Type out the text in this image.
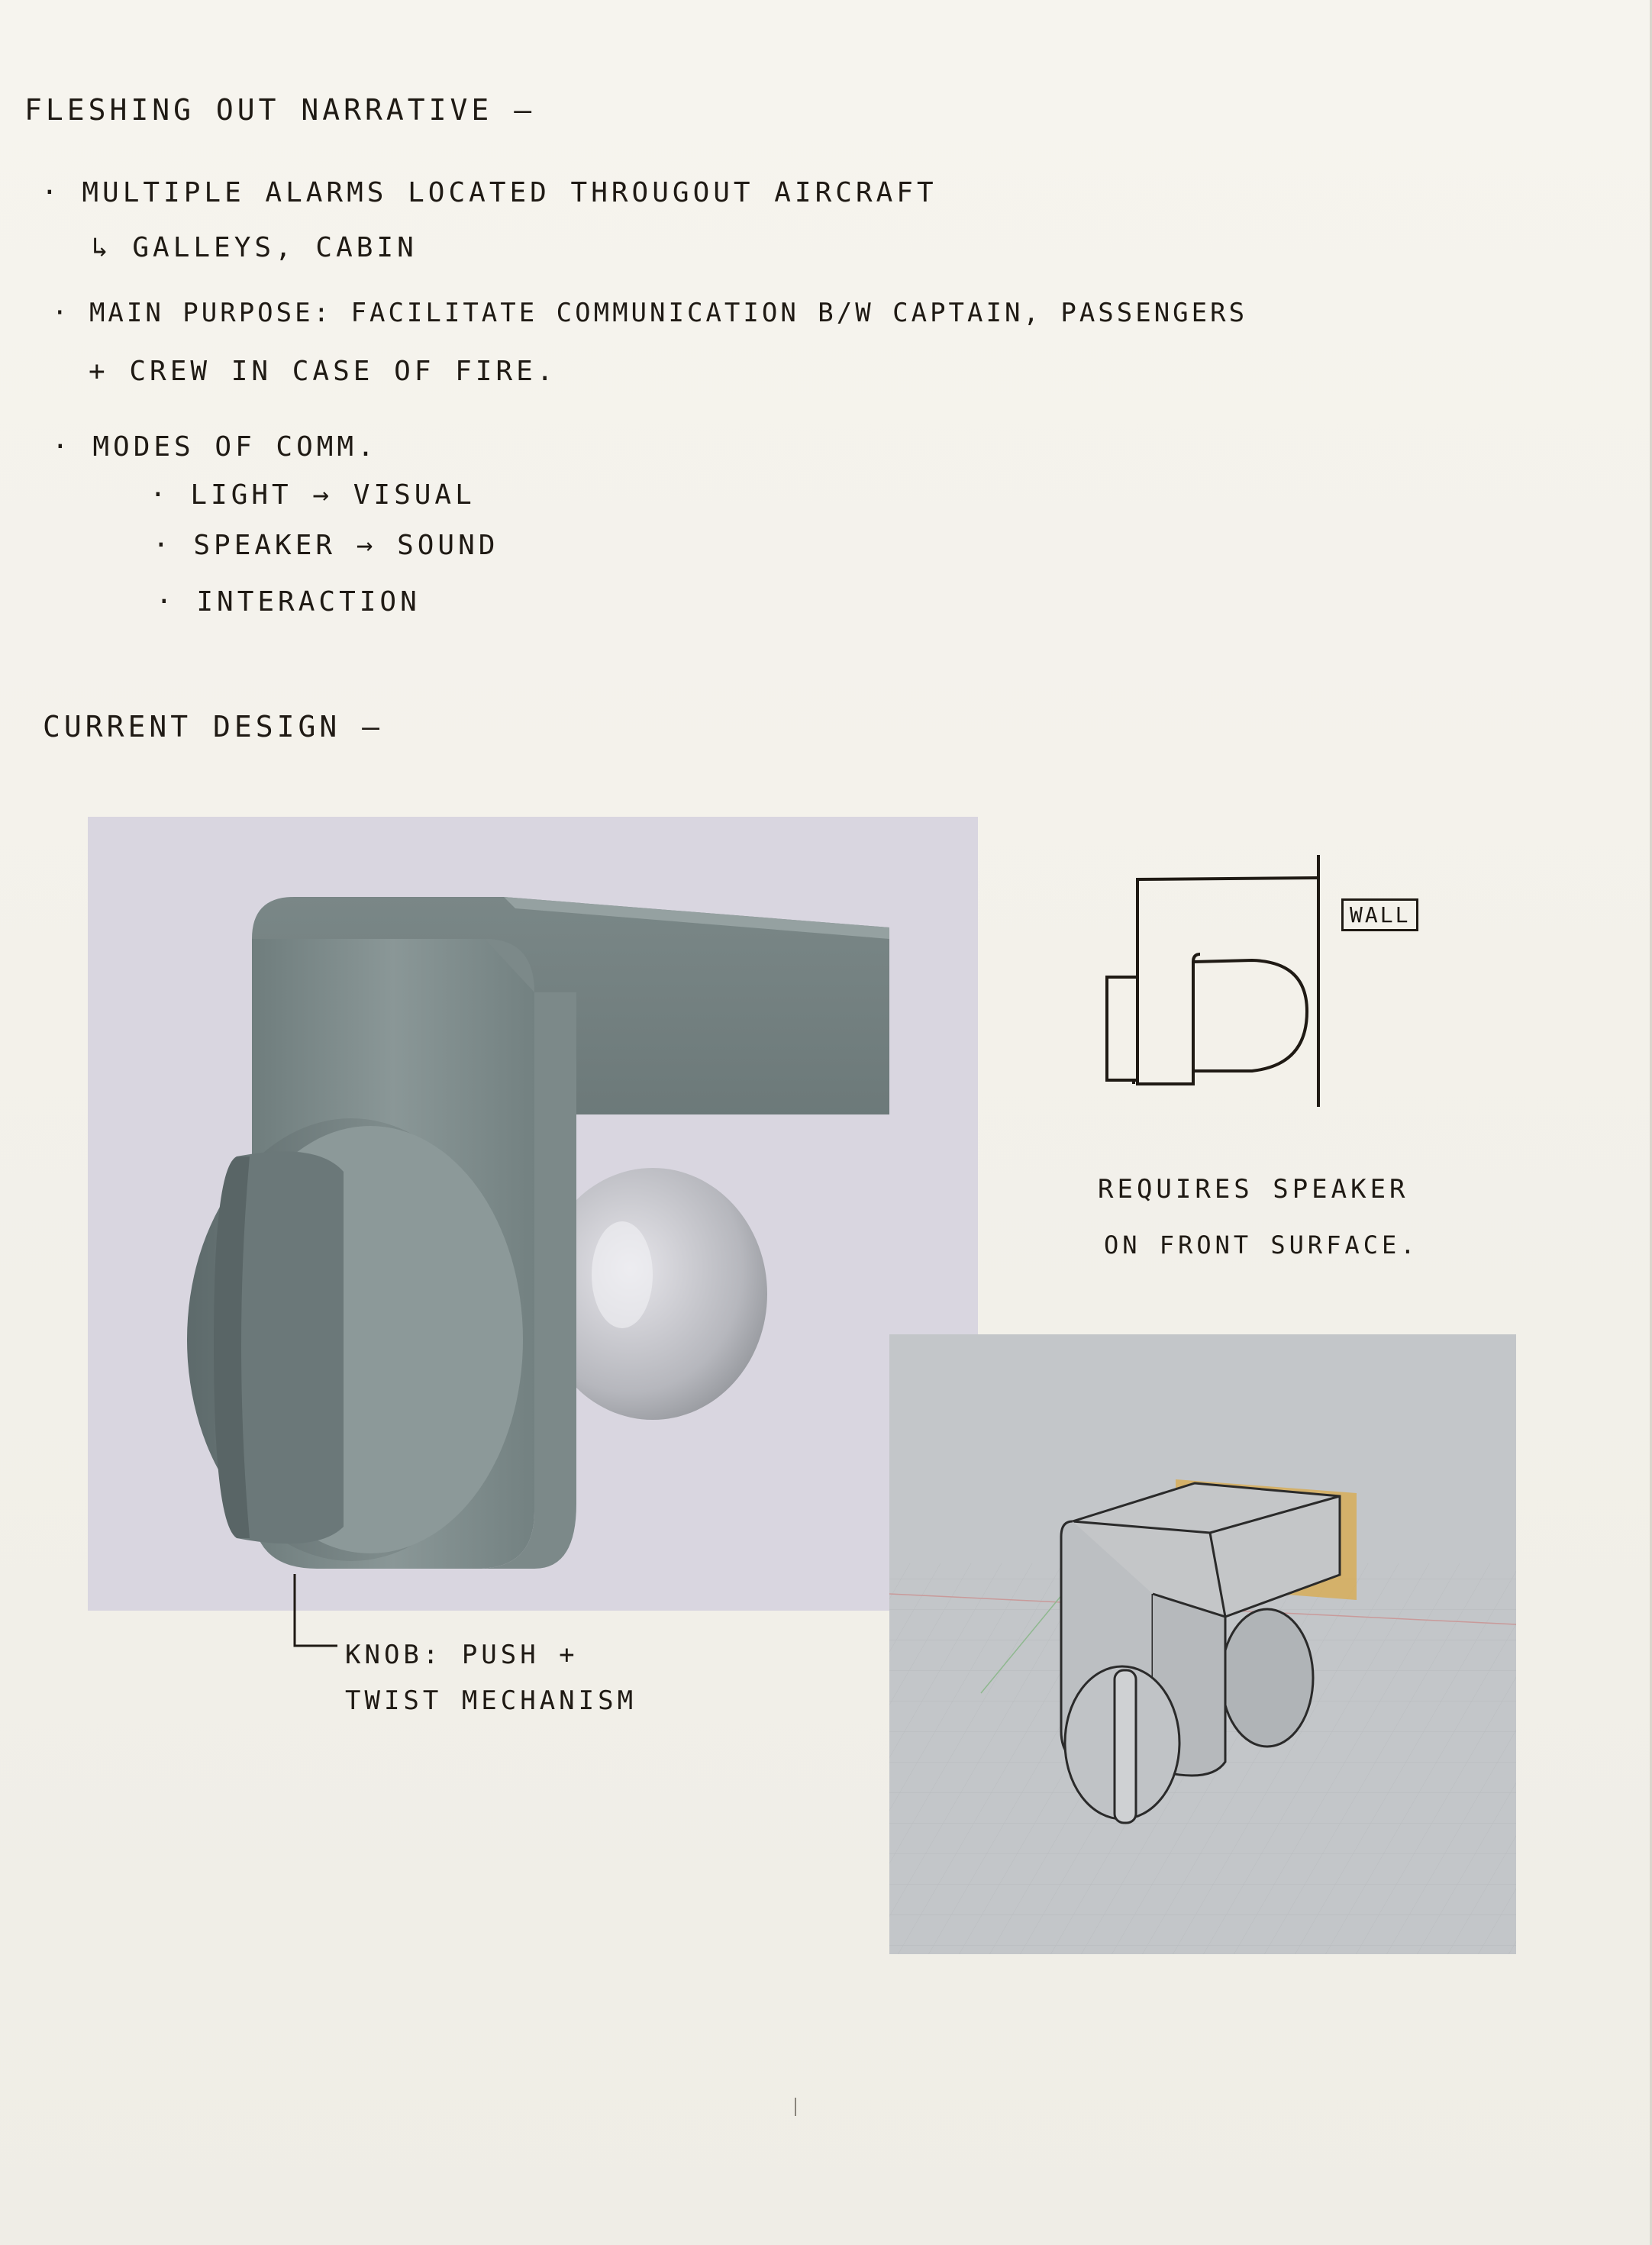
FLESHING OUT NARRATIVE —
· MULTIPLE ALARMS LOCATED THROUGOUT AIRCRAFT
↳ GALLEYS, CABIN
· MAIN PURPOSE: FACILITATE COMMUNICATION B/W CAPTAIN, PASSENGERS
+ CREW IN CASE OF FIRE.
· MODES OF COMM.
· LIGHT → VISUAL
· SPEAKER → SOUND
· INTERACTION
CURRENT DESIGN —
KNOB: PUSH +
TWIST MECHANISM
WALL
REQUIRES SPEAKER
ON FRONT SURFACE.
